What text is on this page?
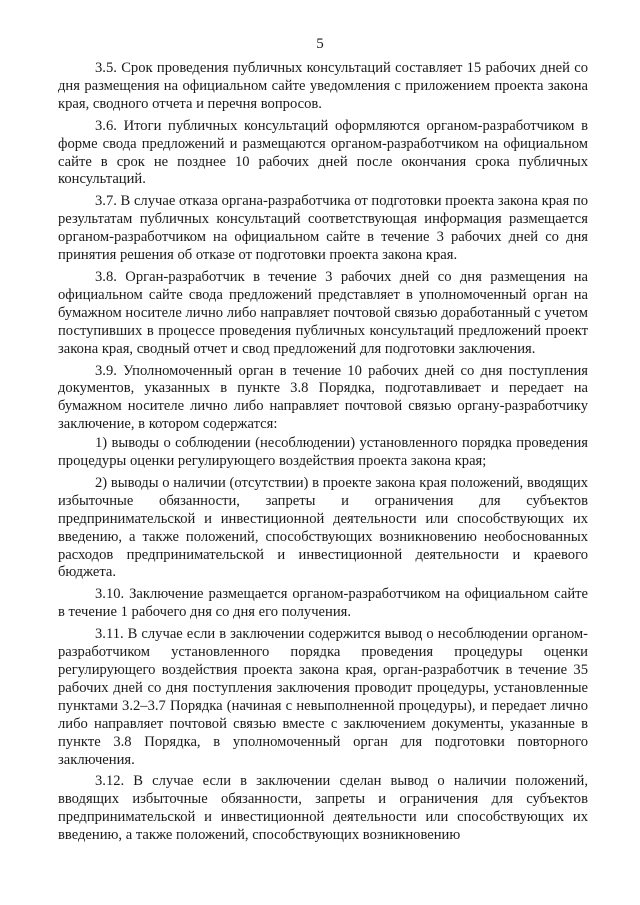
5

3.5. Срок проведения публичных консультаций составляет 15 рабочих дней со дня размещения на официальном сайте уведомления с приложением проекта закона края, сводного отчета и перечня вопросов.

3.6. Итоги публичных консультаций оформляются органом-разработчиком в форме свода предложений и размещаются органом-разработчиком на официальном сайте в срок не позднее 10 рабочих дней после окончания срока публичных консультаций.

3.7. В случае отказа органа-разработчика от подготовки проекта закона края по результатам публичных консультаций соответствующая информация размещается органом-разработчиком на официальном сайте в течение 3 рабочих дней со дня принятия решения об отказе от подготовки проекта закона края.

3.8. Орган-разработчик в течение 3 рабочих дней со дня размещения на официальном сайте свода предложений представляет в уполномоченный орган на бумажном носителе лично либо направляет почтовой связью доработанный с учетом поступивших в процессе проведения публичных консультаций предложений проект закона края, сводный отчет и свод предложений для подготовки заключения.

3.9. Уполномоченный орган в течение 10 рабочих дней со дня поступления документов, указанных в пункте 3.8 Порядка, подготавливает и передает на бумажном носителе лично либо направляет почтовой связью органу-разработчику заключение, в котором содержатся:

1) выводы о соблюдении (несоблюдении) установленного порядка проведения процедуры оценки регулирующего воздействия проекта закона края;

2) выводы о наличии (отсутствии) в проекте закона края положений, вводящих избыточные обязанности, запреты и ограничения для субъектов предпринимательской и инвестиционной деятельности или способствующих их введению, а также положений, способствующих возникновению необоснованных расходов предпринимательской и инвестиционной деятельности и краевого бюджета.

3.10. Заключение размещается органом-разработчиком на официальном сайте в течение 1 рабочего дня со дня его получения.

3.11. В случае если в заключении содержится вывод о несоблюдении органом-разработчиком установленного порядка проведения процедуры оценки регулирующего воздействия проекта закона края, орган-разработчик в течение 35 рабочих дней со дня поступления заключения проводит процедуры, установленные пунктами 3.2–3.7 Порядка (начиная с невыполненной процедуры), и передает лично либо направляет почтовой связью вместе с заключением документы, указанные в пункте 3.8 Порядка, в уполномоченный орган для подготовки повторного заключения.

3.12. В случае если в заключении сделан вывод о наличии положений, вводящих избыточные обязанности, запреты и ограничения для субъектов предпринимательской и инвестиционной деятельности или способствующих их введению, а также положений, способствующих возникновению
